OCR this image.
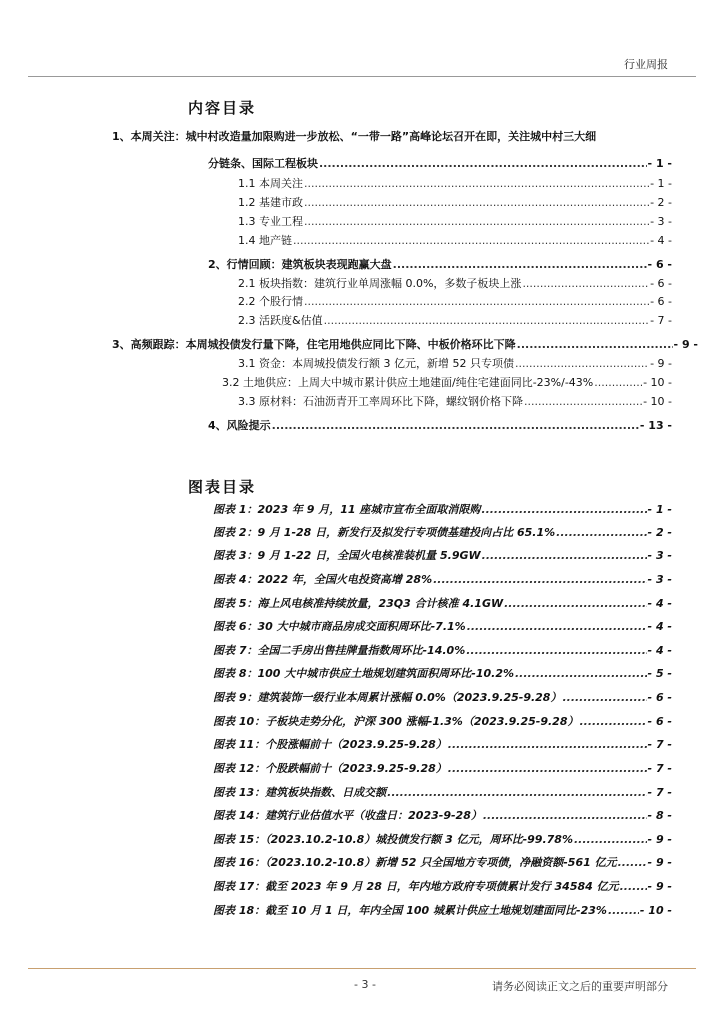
行业周报
内容目录
1、本周关注：城中村改造量加限购进一步放松、“一带一路”高峰论坛召开在即，关注城中村三大细
分链条、国际工程板块 .....	- 1 -
1.1 本周关注 .....	- 1 -
1.2 基建市政 .....	- 2 -
1.3 专业工程 .....	- 3 -
1.4 地产链 .....	- 4 -
2、行情回顾：建筑板块表现跑赢大盘 .....	- 6 -
2.1 板块指数：建筑行业单周涨幅 0.0%，多数子板块上涨 .....	- 6 -
2.2 个股行情 .....	- 6 -
2.3 活跃度&估值 .....	- 7 -
3、高频跟踪：本周城投债发行量下降，住宅用地供应同比下降、中板价格环比下降 .....	- 9 -
3.1 资金：本周城投债发行额 3 亿元，新增 52 只专项债 .....	- 9 -
3.2 土地供应：上周大中城市累计供应土地建面/纯住宅建面同比-23%/-43% .....	- 10 -
3.3 原材料：石油沥青开工率周环比下降，螺纹钢价格下降 .....	- 10 -
4、风险提示 .....	- 13 -
图表目录
图表 1：2023 年 9 月，11 座城市宣布全面取消限购 .....	- 1 -
图表 2：9 月 1-28 日，新发行及拟发行专项债基建投向占比 65.1% .....	- 2 -
图表 3：9 月 1-22 日，全国火电核准装机量 5.9GW .....	- 3 -
图表 4：2022 年，全国火电投资高增 28% .....	- 3 -
图表 5：海上风电核准持续放量，23Q3 合计核准 4.1GW .....	- 4 -
图表 6：30 大中城市商品房成交面积周环比-7.1% .....	- 4 -
图表 7：全国二手房出售挂牌量指数周环比-14.0% .....	- 4 -
图表 8：100 大中城市供应土地规划建筑面积周环比-10.2% .....	- 5 -
图表 9：建筑装饰一级行业本周累计涨幅 0.0%（2023.9.25-9.28） .....	- 6 -
图表 10：子板块走势分化，沪深 300 涨幅-1.3%（2023.9.25-9.28） .....	- 6 -
图表 11：个股涨幅前十（2023.9.25-9.28） .....	- 7 -
图表 12：个股跌幅前十（2023.9.25-9.28） .....	- 7 -
图表 13：建筑板块指数、日成交额 .....	- 7 -
图表 14：建筑行业估值水平（收盘日：2023-9-28） .....	- 8 -
图表 15：（2023.10.2-10.8）城投债发行额 3 亿元，周环比-99.78% .....	- 9 -
图表 16：（2023.10.2-10.8）新增 52 只全国地方专项债，净融资额-561 亿元 .....	- 9 -
图表 17：截至 2023 年 9 月 28 日，年内地方政府专项债累计发行 34584 亿元 .....	- 9 -
图表 18：截至 10 月 1 日，年内全国 100 城累计供应土地规划建面同比-23% .....	- 10 -
- 3 -	请务必阅读正文之后的重要声明部分
